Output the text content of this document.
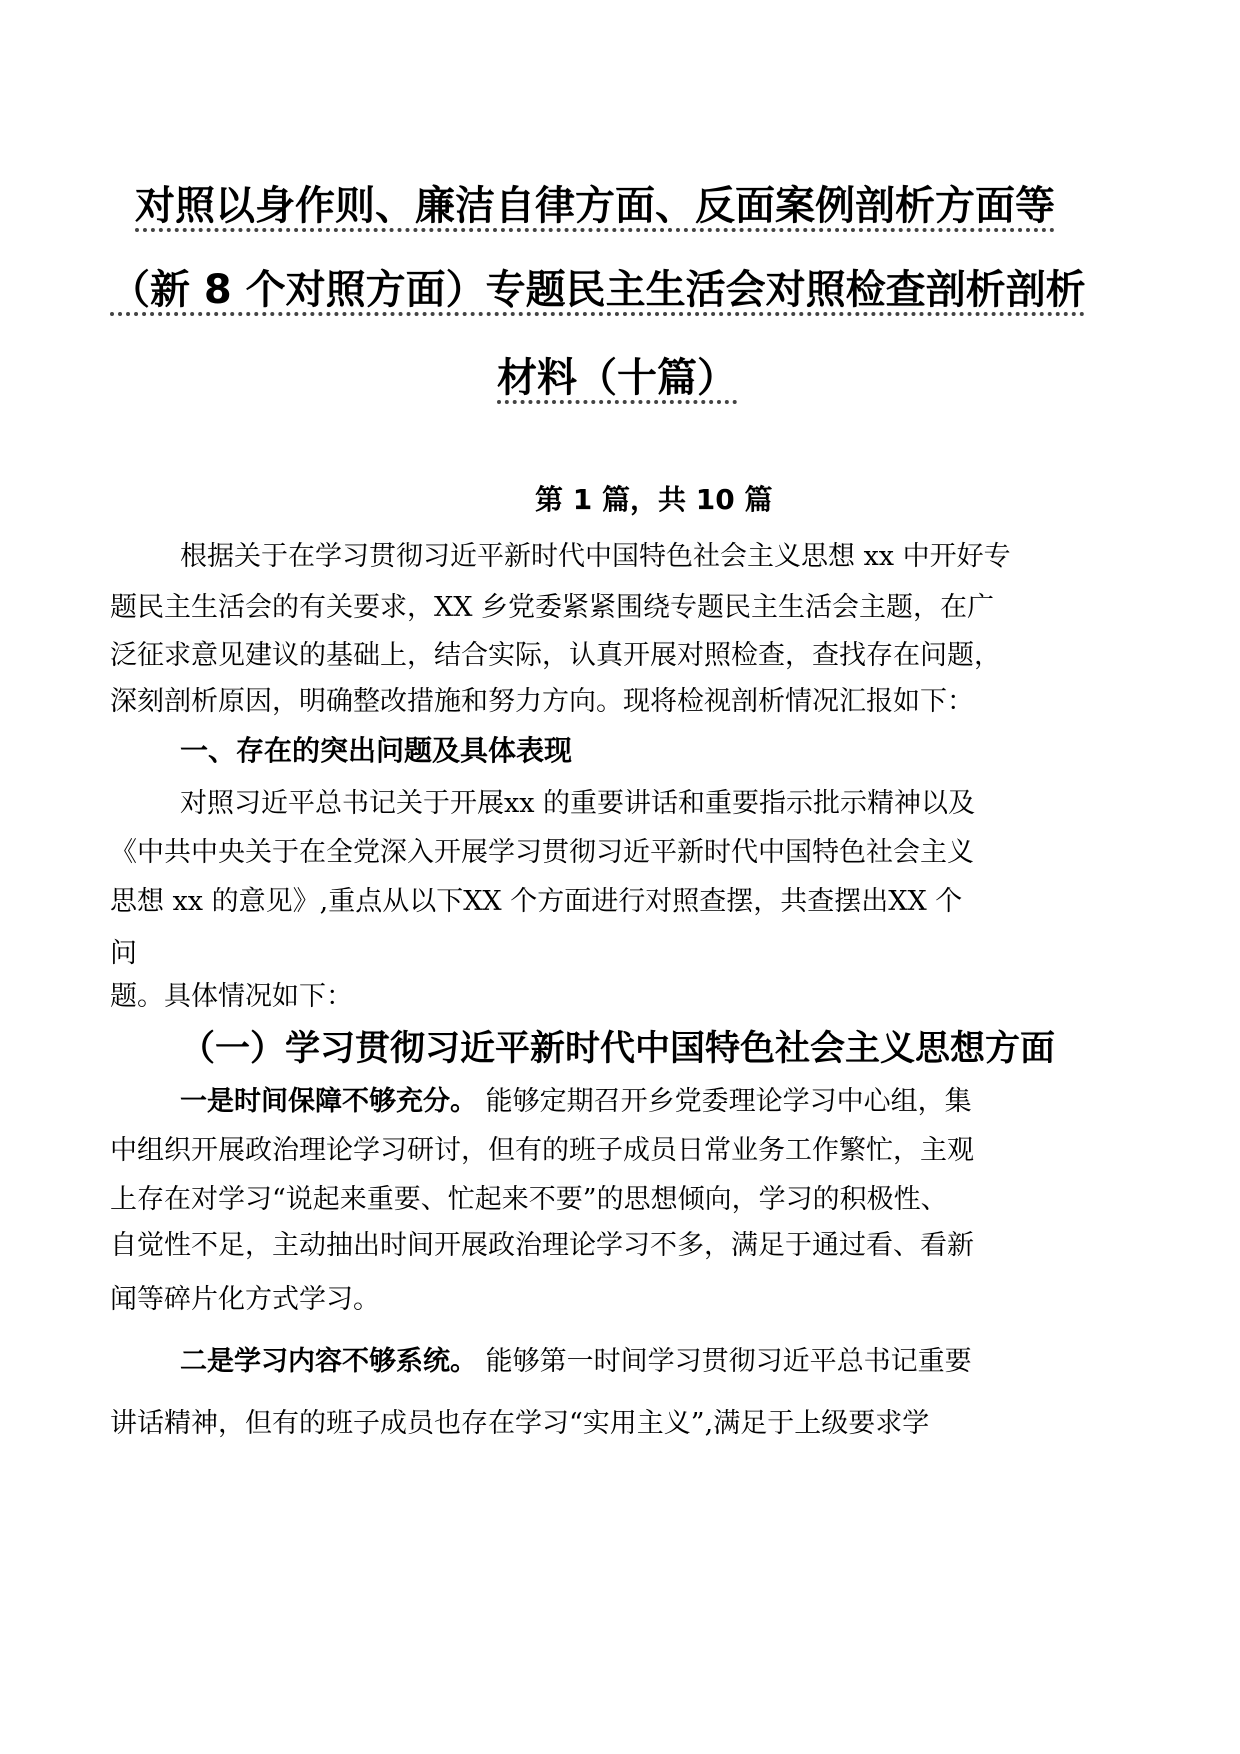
对照以身作则、廉洁自律方面、反面案例剖析方面等

（新 8 个对照方面）专题民主生活会对照检查剖析剖析

材料（十篇）

第 1 篇，共 10 篇

根据关于在学习贯彻习近平新时代中国特色社会主义思想 xx 中开好专

题民主生活会的有关要求，XX 乡党委紧紧围绕专题民主生活会主题，在广

泛征求意见建议的基础上，结合实际，认真开展对照检查，查找存在问题，

深刻剖析原因，明确整改措施和努力方向。现将检视剖析情况汇报如下：

一、存在的突出问题及具体表现

对照习近平总书记关于开展xx 的重要讲话和重要指示批示精神以及

《中共中央关于在全党深入开展学习贯彻习近平新时代中国特色社会主义

思想 xx 的意见》,重点从以下XX 个方面进行对照查摆，共查摆出XX 个

问

题。具体情况如下：

（一）学习贯彻习近平新时代中国特色社会主义思想方面

一是时间保障不够充分。 能够定期召开乡党委理论学习中心组，集

中组织开展政治理论学习研讨，但有的班子成员日常业务工作繁忙，主观

上存在对学习“说起来重要、忙起来不要”的思想倾向，学习的积极性、

自觉性不足，主动抽出时间开展政治理论学习不多，满足于通过看、看新

闻等碎片化方式学习。

二是学习内容不够系统。 能够第一时间学习贯彻习近平总书记重要

讲话精神，但有的班子成员也存在学习“实用主义”,满足于上级要求学
